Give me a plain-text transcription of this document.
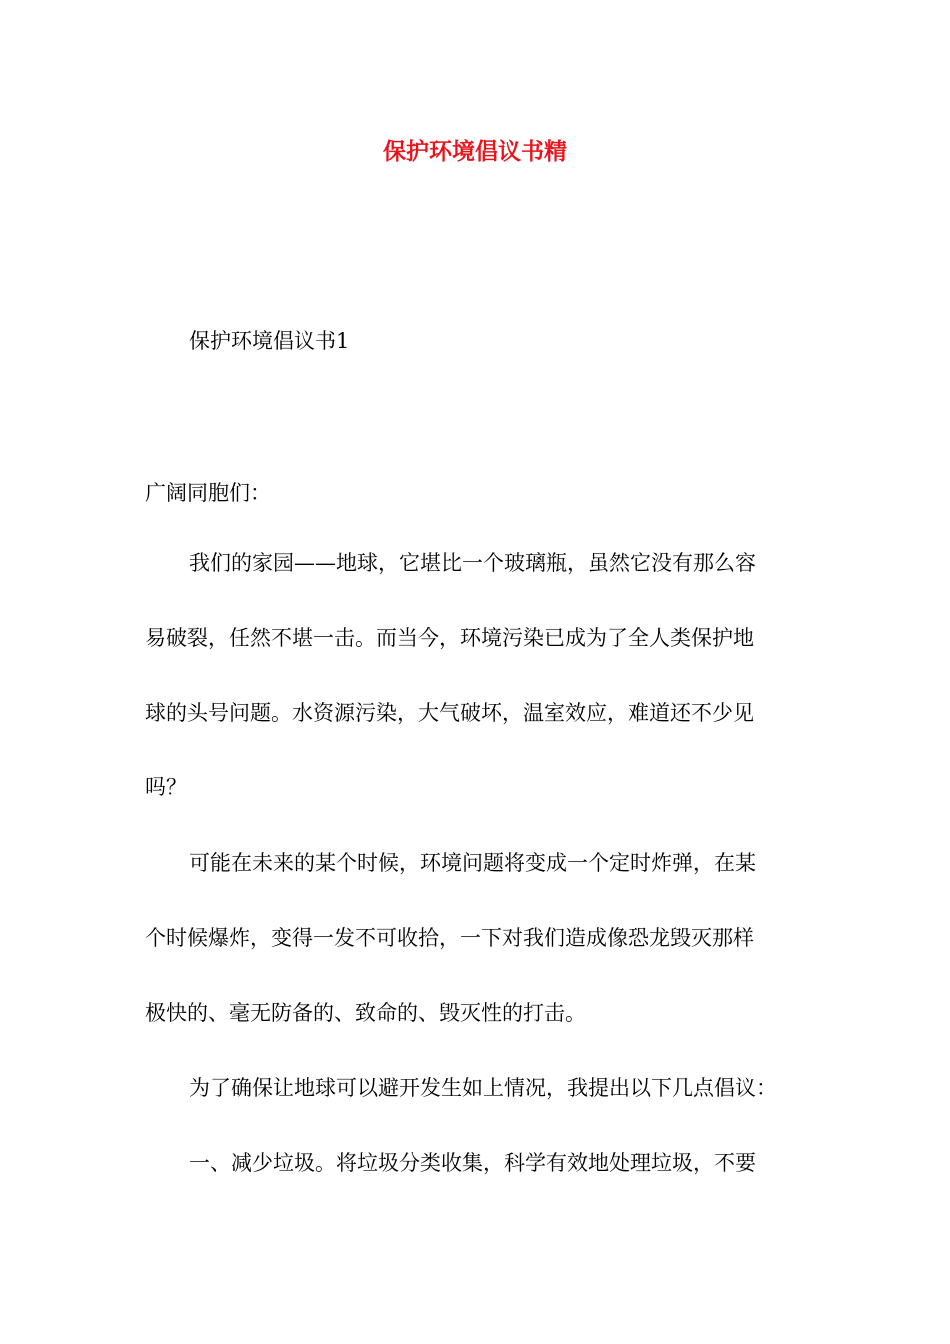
保护环境倡议书精
保护环境倡议书1
广阔同胞们：
我们的家园——地球，它堪比一个玻璃瓶，虽然它没有那么容
易破裂，任然不堪一击。而当今，环境污染已成为了全人类保护地
球的头号问题。水资源污染，大气破坏，温室效应，难道还不少见
吗？
可能在未来的某个时候，环境问题将变成一个定时炸弹，在某
个时候爆炸，变得一发不可收拾，一下对我们造成像恐龙毁灭那样
极快的、毫无防备的、致命的、毁灭性的打击。
为了确保让地球可以避开发生如上情况，我提出以下几点倡议：
一、减少垃圾。将垃圾分类收集，科学有效地处理垃圾，不要
